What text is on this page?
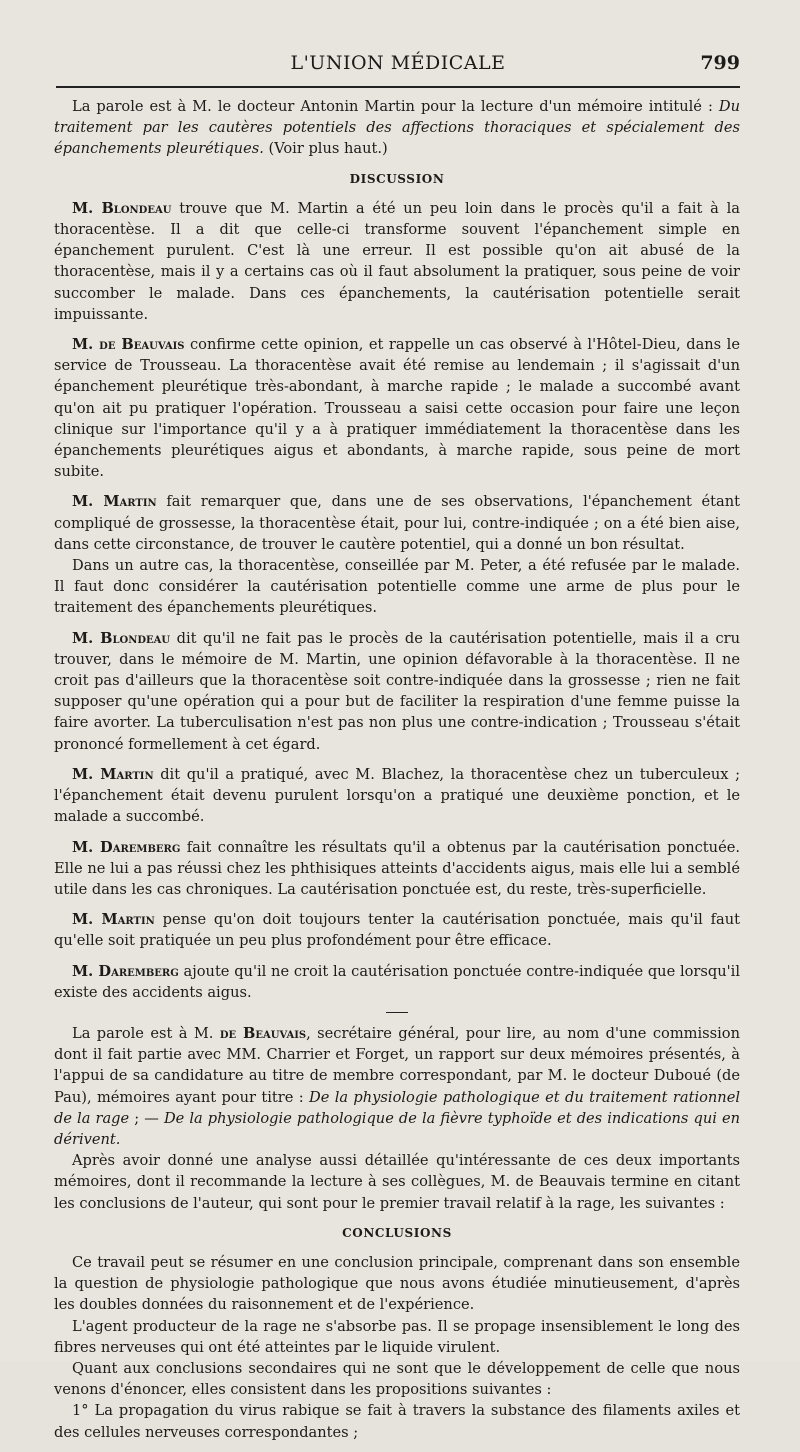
L'UNION MÉDICALE	799

La parole est à M. le docteur Antonin Martin pour la lecture d'un mémoire intitulé : Du traitement par les cautères potentiels des affections thoraciques et spécialement des épanchements pleurétiques. (Voir plus haut.)

DISCUSSION

M. Blondeau trouve que M. Martin a été un peu loin dans le procès qu'il a fait à la thoracentèse. Il a dit que celle-ci transforme souvent l'épanchement simple en épanchement purulent. C'est là une erreur. Il est possible qu'on ait abusé de la thoracentèse, mais il y a certains cas où il faut absolument la pratiquer, sous peine de voir succomber le malade. Dans ces épanchements, la cautérisation potentielle serait impuissante.

M. de Beauvais confirme cette opinion, et rappelle un cas observé à l'Hôtel-Dieu, dans le service de Trousseau. La thoracentèse avait été remise au lendemain ; il s'agissait d'un épanchement pleurétique très-abondant, à marche rapide ; le malade a succombé avant qu'on ait pu pratiquer l'opération. Trousseau a saisi cette occasion pour faire une leçon clinique sur l'importance qu'il y a à pratiquer immédiatement la thoracentèse dans les épanchements pleurétiques aigus et abondants, à marche rapide, sous peine de mort subite.

M. Martin fait remarquer que, dans une de ses observations, l'épanchement étant compliqué de grossesse, la thoracentèse était, pour lui, contre-indiquée ; on a été bien aise, dans cette circonstance, de trouver le cautère potentiel, qui a donné un bon résultat.

Dans un autre cas, la thoracentèse, conseillée par M. Peter, a été refusée par le malade. Il faut donc considérer la cautérisation potentielle comme une arme de plus pour le traitement des épanchements pleurétiques.

M. Blondeau dit qu'il ne fait pas le procès de la cautérisation potentielle, mais il a cru trouver, dans le mémoire de M. Martin, une opinion défavorable à la thoracentèse. Il ne croit pas d'ailleurs que la thoracentèse soit contre-indiquée dans la grossesse ; rien ne fait supposer qu'une opération qui a pour but de faciliter la respiration d'une femme puisse la faire avorter. La tuberculisation n'est pas non plus une contre-indication ; Trousseau s'était prononcé formellement à cet égard.

M. Martin dit qu'il a pratiqué, avec M. Blachez, la thoracentèse chez un tuberculeux ; l'épanchement était devenu purulent lorsqu'on a pratiqué une deuxième ponction, et le malade a succombé.

M. Daremberg fait connaître les résultats qu'il a obtenus par la cautérisation ponctuée. Elle ne lui a pas réussi chez les phthisiques atteints d'accidents aigus, mais elle lui a semblé utile dans les cas chroniques. La cautérisation ponctuée est, du reste, très-superficielle.

M. Martin pense qu'on doit toujours tenter la cautérisation ponctuée, mais qu'il faut qu'elle soit pratiquée un peu plus profondément pour être efficace.

M. Daremberg ajoute qu'il ne croit la cautérisation ponctuée contre-indiquée que lorsqu'il existe des accidents aigus.

La parole est à M. de Beauvais, secrétaire général, pour lire, au nom d'une commission dont il fait partie avec MM. Charrier et Forget, un rapport sur deux mémoires présentés, à l'appui de sa candidature au titre de membre correspondant, par M. le docteur Duboué (de Pau), mémoires ayant pour titre : De la physiologie pathologique et du traitement rationnel de la rage ; — De la physiologie pathologique de la fièvre typhoïde et des indications qui en dérivent.

Après avoir donné une analyse aussi détaillée qu'intéressante de ces deux importants mémoires, dont il recommande la lecture à ses collègues, M. de Beauvais termine en citant les conclusions de l'auteur, qui sont pour le premier travail relatif à la rage, les suivantes :

CONCLUSIONS

Ce travail peut se résumer en une conclusion principale, comprenant dans son ensemble la question de physiologie pathologique que nous avons étudiée minutieusement, d'après les doubles données du raisonnement et de l'expérience.

L'agent producteur de la rage ne s'absorbe pas. Il se propage insensiblement le long des fibres nerveuses qui ont été atteintes par le liquide virulent.

Quant aux conclusions secondaires qui ne sont que le développement de celle que nous venons d'énoncer, elles consistent dans les propositions suivantes :

1° La propagation du virus rabique se fait à travers la substance des filaments axiles et des cellules nerveuses correspondantes ;
